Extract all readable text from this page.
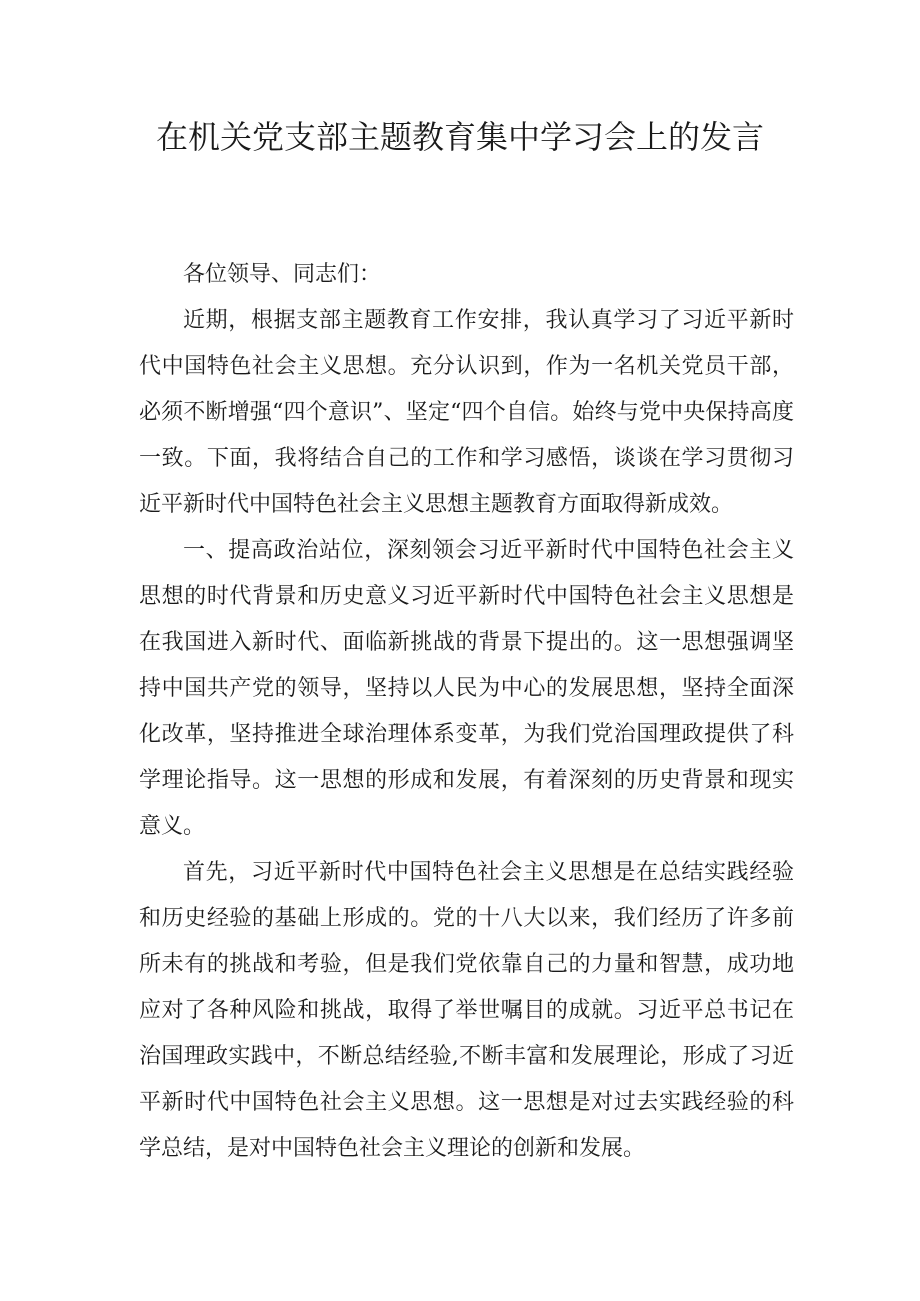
在机关党支部主题教育集中学习会上的发言

各位领导、同志们：

近期，根据支部主题教育工作安排，我认真学习了习近平新时代中国特色社会主义思想。充分认识到，作为一名机关党员干部，必须不断增强“四个意识”、坚定“四个自信。始终与党中央保持高度一致。下面，我将结合自己的工作和学习感悟，谈谈在学习贯彻习近平新时代中国特色社会主义思想主题教育方面取得新成效。

一、提高政治站位，深刻领会习近平新时代中国特色社会主义思想的时代背景和历史意义习近平新时代中国特色社会主义思想是在我国进入新时代、面临新挑战的背景下提出的。这一思想强调坚持中国共产党的领导，坚持以人民为中心的发展思想，坚持全面深化改革，坚持推进全球治理体系变革，为我们党治国理政提供了科学理论指导。这一思想的形成和发展，有着深刻的历史背景和现实意义。

首先，习近平新时代中国特色社会主义思想是在总结实践经验和历史经验的基础上形成的。党的十八大以来，我们经历了许多前所未有的挑战和考验，但是我们党依靠自己的力量和智慧，成功地应对了各种风险和挑战，取得了举世嘱目的成就。习近平总书记在治国理政实践中，不断总结经验,不断丰富和发展理论，形成了习近平新时代中国特色社会主义思想。这一思想是对过去实践经验的科学总结，是对中国特色社会主义理论的创新和发展。
